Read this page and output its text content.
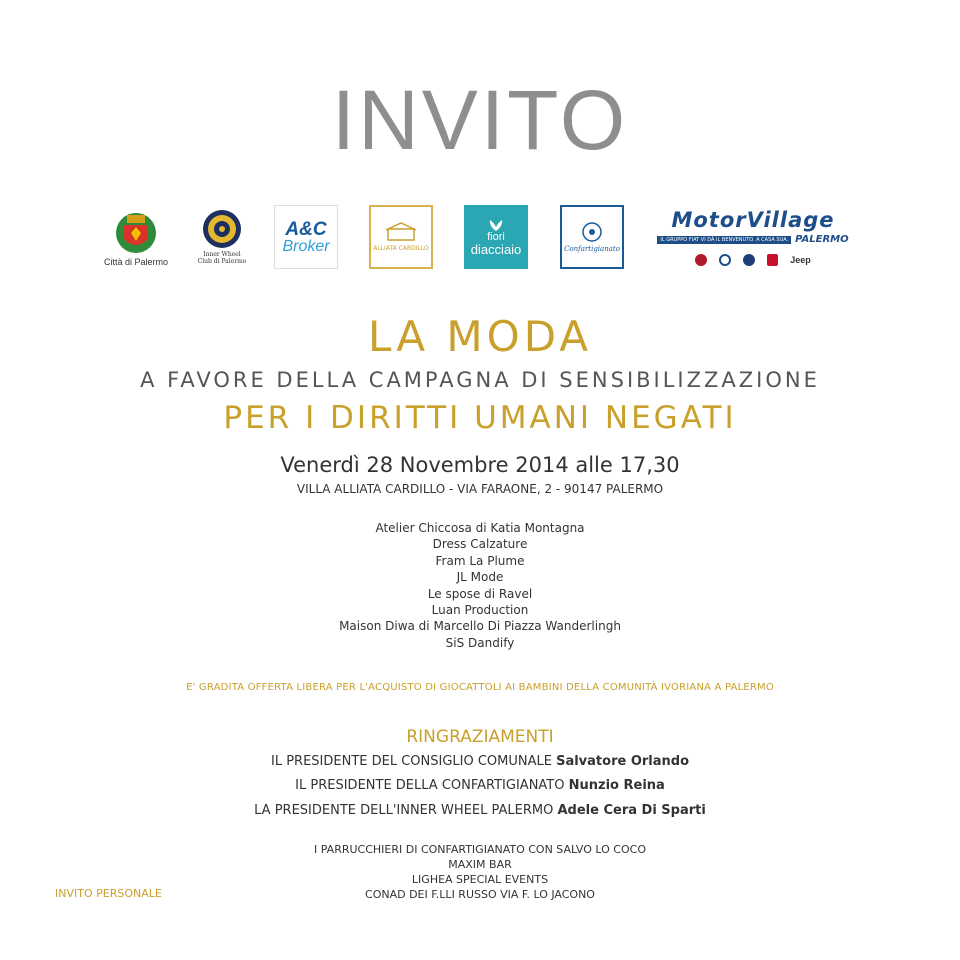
INVITO
Città di Palermo
Inner Wheel
Club di Palermo
A&C
Broker	ALLIATA CARDILLO
fiori
diacciaio	Confartigianato
MotorVillage
IL GRUPPO FIAT VI DÀ IL BENVENUTO. A CASA SUA. PALERMO
Jeep
LA MODA
A FAVORE DELLA CAMPAGNA DI SENSIBILIZZAZIONE
PER I DIRITTI UMANI NEGATI
Venerdì 28 Novembre 2014 alle 17,30
VILLA ALLIATA CARDILLO - VIA FARAONE, 2 - 90147 PALERMO
Atelier Chiccosa di Katia Montagna
Dress Calzature
Fram La Plume
JL Mode
Le spose di Ravel
Luan Production
Maison Diwa di Marcello Di Piazza Wanderlingh
SiS Dandify
E' GRADITA OFFERTA LIBERA PER L'ACQUISTO DI GIOCATTOLI AI BAMBINI DELLA COMUNITÀ IVORIANA A PALERMO
RINGRAZIAMENTI
IL PRESIDENTE DEL CONSIGLIO COMUNALE Salvatore Orlando
IL PRESIDENTE DELLA CONFARTIGIANATO Nunzio Reina
LA PRESIDENTE DELL'INNER WHEEL PALERMO Adele Cera Di Sparti
I PARRUCCHIERI DI CONFARTIGIANATO CON SALVO LO COCO
MAXIM BAR
LIGHEA SPECIAL EVENTS
CONAD DEI F.LLI RUSSO VIA F. LO JACONO
INVITO PERSONALE
